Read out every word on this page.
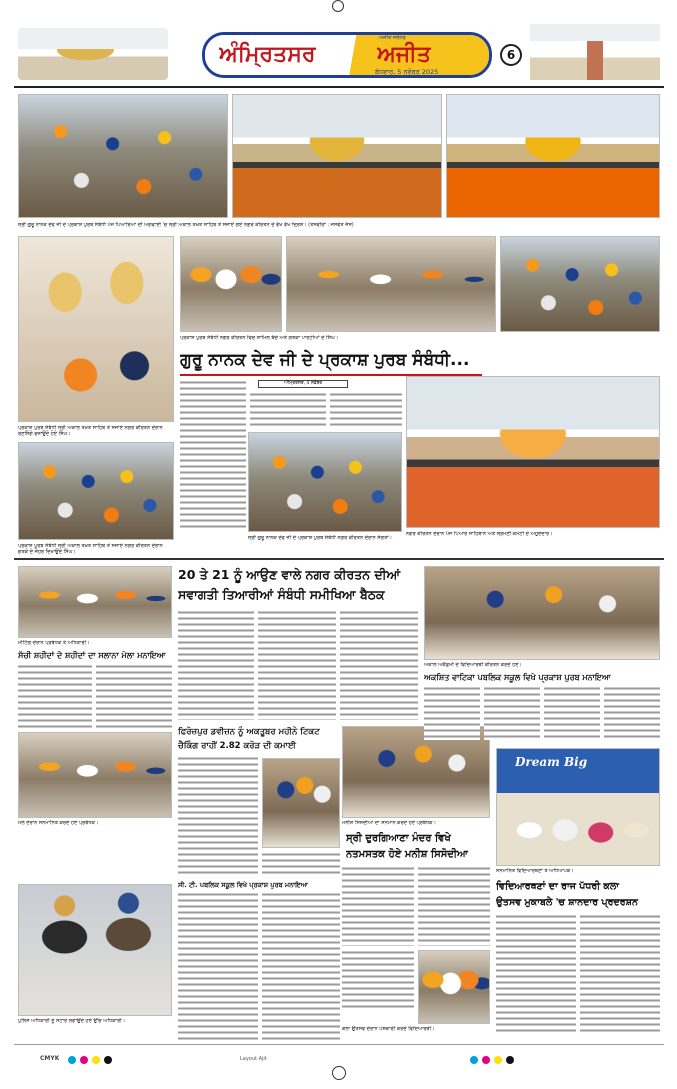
ਅੰਮ੍ਰਿਤਸਰ	ਅਜੀਤ
ਅਜੀਤ ਜਲੰਧਰ
ਬੁੱਧਵਾਰ, 5 ਨਵੰਬਰ 2025
6
ਸ੍ਰੀ ਗੁਰੂ ਨਾਨਕ ਦੇਵ ਜੀ ਦੇ ਪ੍ਰਕਾਸ਼ ਪੁਰਬ ਸੰਬੰਧੀ ਪੰਜ ਪਿਆਰਿਆਂ ਦੀ ਅਗਵਾਈ 'ਚ ਸ੍ਰੀ ਅਕਾਲ ਤਖ਼ਤ ਸਾਹਿਬ ਤੋਂ ਸਜਾਏ ਗਏ ਨਗਰ ਕੀਰਤਨ ਦੇ ਵੱਖ ਵੱਖ ਦ੍ਰਿਸ਼। (ਤਸਵੀਰਾਂ : ਜਸਵੰਤ ਜੱਸ)
ਪ੍ਰਕਾਸ਼ ਪੁਰਬ ਸੰਬੰਧੀ ਸ੍ਰੀ ਅਕਾਲ ਤਖ਼ਤ ਸਾਹਿਬ ਤੋਂ ਸਜਾਏ ਨਗਰ ਕੀਰਤਨ ਦੌਰਾਨ ਰਣਸਿੰਗੇ ਵਜਾਉਂਦੇ ਹੋਏ ਸਿੰਘ।
ਪ੍ਰਕਾਸ਼ ਪੁਰਬ ਸੰਬੰਧੀ ਸ੍ਰੀ ਅਕਾਲ ਤਖ਼ਤ ਸਾਹਿਬ ਤੋਂ ਸਜਾਏ ਨਗਰ ਕੀਰਤਨ ਦੌਰਾਨ ਗਤਕੇ ਦੇ ਜੌਹਰ ਦਿਖਾਉਂਦੇ ਸਿੰਘ।
ਪ੍ਰਕਾਸ਼ ਪੁਰਬ ਸੰਬੰਧੀ ਨਗਰ ਕੀਰਤਨ ਵਿਚ ਸ਼ਾਮਿਲ ਬੱਚੇ ਅਤੇ ਗਤਕਾ ਪਾਰਟੀਆਂ ਦੇ ਸਿੰਘ।
ਗੁਰੂ ਨਾਨਕ ਦੇਵ ਜੀ ਦੇ ਪ੍ਰਕਾਸ਼ ਪੁਰਬ ਸੰਬੰਧੀ...
ਅੰਮ੍ਰਿਤਸਰ, 4 ਨਵੰਬਰ
ਸ੍ਰੀ ਗੁਰੂ ਨਾਨਕ ਦੇਵ ਜੀ ਦੇ ਪ੍ਰਕਾਸ਼ ਪੁਰਬ ਸੰਬੰਧੀ ਨਗਰ ਕੀਰਤਨ ਦੌਰਾਨ ਸੰਗਤਾਂ।
ਨਗਰ ਕੀਰਤਨ ਦੌਰਾਨ ਪੰਜ ਪਿਆਰੇ ਸਾਹਿਬਾਨ ਅਤੇ ਸ਼੍ਰੋਮਣੀ ਕਮੇਟੀ ਦੇ ਅਹੁਦੇਦਾਰ।
ਮੀਟਿੰਗ ਦੌਰਾਨ ਪ੍ਰਬੰਧਕ ਤੇ ਅਧਿਕਾਰੀ।
ਸੱਚੀ ਸ਼ਹੀਦਾਂ ਦੇ ਸ਼ਹੀਦਾਂ ਦਾ ਸਲਾਨਾ ਮੇਲਾ ਮਨਾਇਆ
ਮੇਲੇ ਦੌਰਾਨ ਸਨਮਾਨਿਤ ਕਰਦੇ ਹੋਏ ਪ੍ਰਬੰਧਕ।
ਪੁਲਿਸ ਅਧਿਕਾਰੀ ਨੂੰ ਸਟਾਰ ਲਗਾਉਂਦੇ ਹੋਏ ਉੱਚ ਅਧਿਕਾਰੀ।
20 ਤੇ 21 ਨੂੰ ਆਉਣ ਵਾਲੇ ਨਗਰ ਕੀਰਤਨ ਦੀਆਂ
ਸਵਾਗਤੀ ਤਿਆਰੀਆਂ ਸੰਬੰਧੀ ਸਮੀਖਿਆ ਬੈਠਕ
ਫਿਰੋਜ਼ਪੁਰ ਡਵੀਜ਼ਨ ਨੂੰ ਅਕਤੂਬਰ ਮਹੀਨੇ ਟਿਕਟ
ਚੈਕਿੰਗ ਰਾਹੀਂ 2.82 ਕਰੋੜ ਦੀ ਕਮਾਈ
ਮਨੀਸ਼ ਸਿਸੋਦੀਆ ਦਾ ਸਨਮਾਨ ਕਰਦੇ ਹੋਏ ਪ੍ਰਬੰਧਕ।
ਸ੍ਰੀ ਦੁਰਗਿਆਣਾ ਮੰਦਰ ਵਿਖੇ
ਨਤਮਸਤਕ ਹੋਏ ਮਨੀਸ਼ ਸਿਸੋਦੀਆ
ਸੀ. ਟੀ. ਪਬਲਿਕ ਸਕੂਲ ਵਿਖੇ ਪ੍ਰਕਾਸ਼ ਪੁਰਬ ਮਨਾਇਆ
ਕਲਾ ਉਤਸਵ ਦੌਰਾਨ ਪੇਸ਼ਕਾਰੀ ਕਰਦੇ ਵਿਦਿਆਰਥੀ।
ਅਕਾਲ ਅਕੈਡਮੀ ਦੇ ਵਿਦਿਆਰਥੀ ਕੀਰਤਨ ਕਰਦੇ ਹੋਏ।
ਅਕਸ਼ਿਤ ਵਾਟਿਕਾ ਪਬਲਿਕ ਸਕੂਲ ਵਿਖੇ ਪ੍ਰਕਾਸ਼ ਪੁਰਬ ਮਨਾਇਆ
Dream Big
ਸਨਮਾਨਿਤ ਵਿਦਿਆਰਥਣਾਂ ਤੇ ਅਧਿਆਪਕ।
ਵਿਦਿਆਰਥਣਾਂ ਦਾ ਰਾਜ ਪੱਧਰੀ ਕਲਾ
ਉਤਸਵ ਮੁਕਾਬਲੇ 'ਚ ਸ਼ਾਨਦਾਰ ਪ੍ਰਦਰਸ਼ਨ
CMYK	Layout Ajit
